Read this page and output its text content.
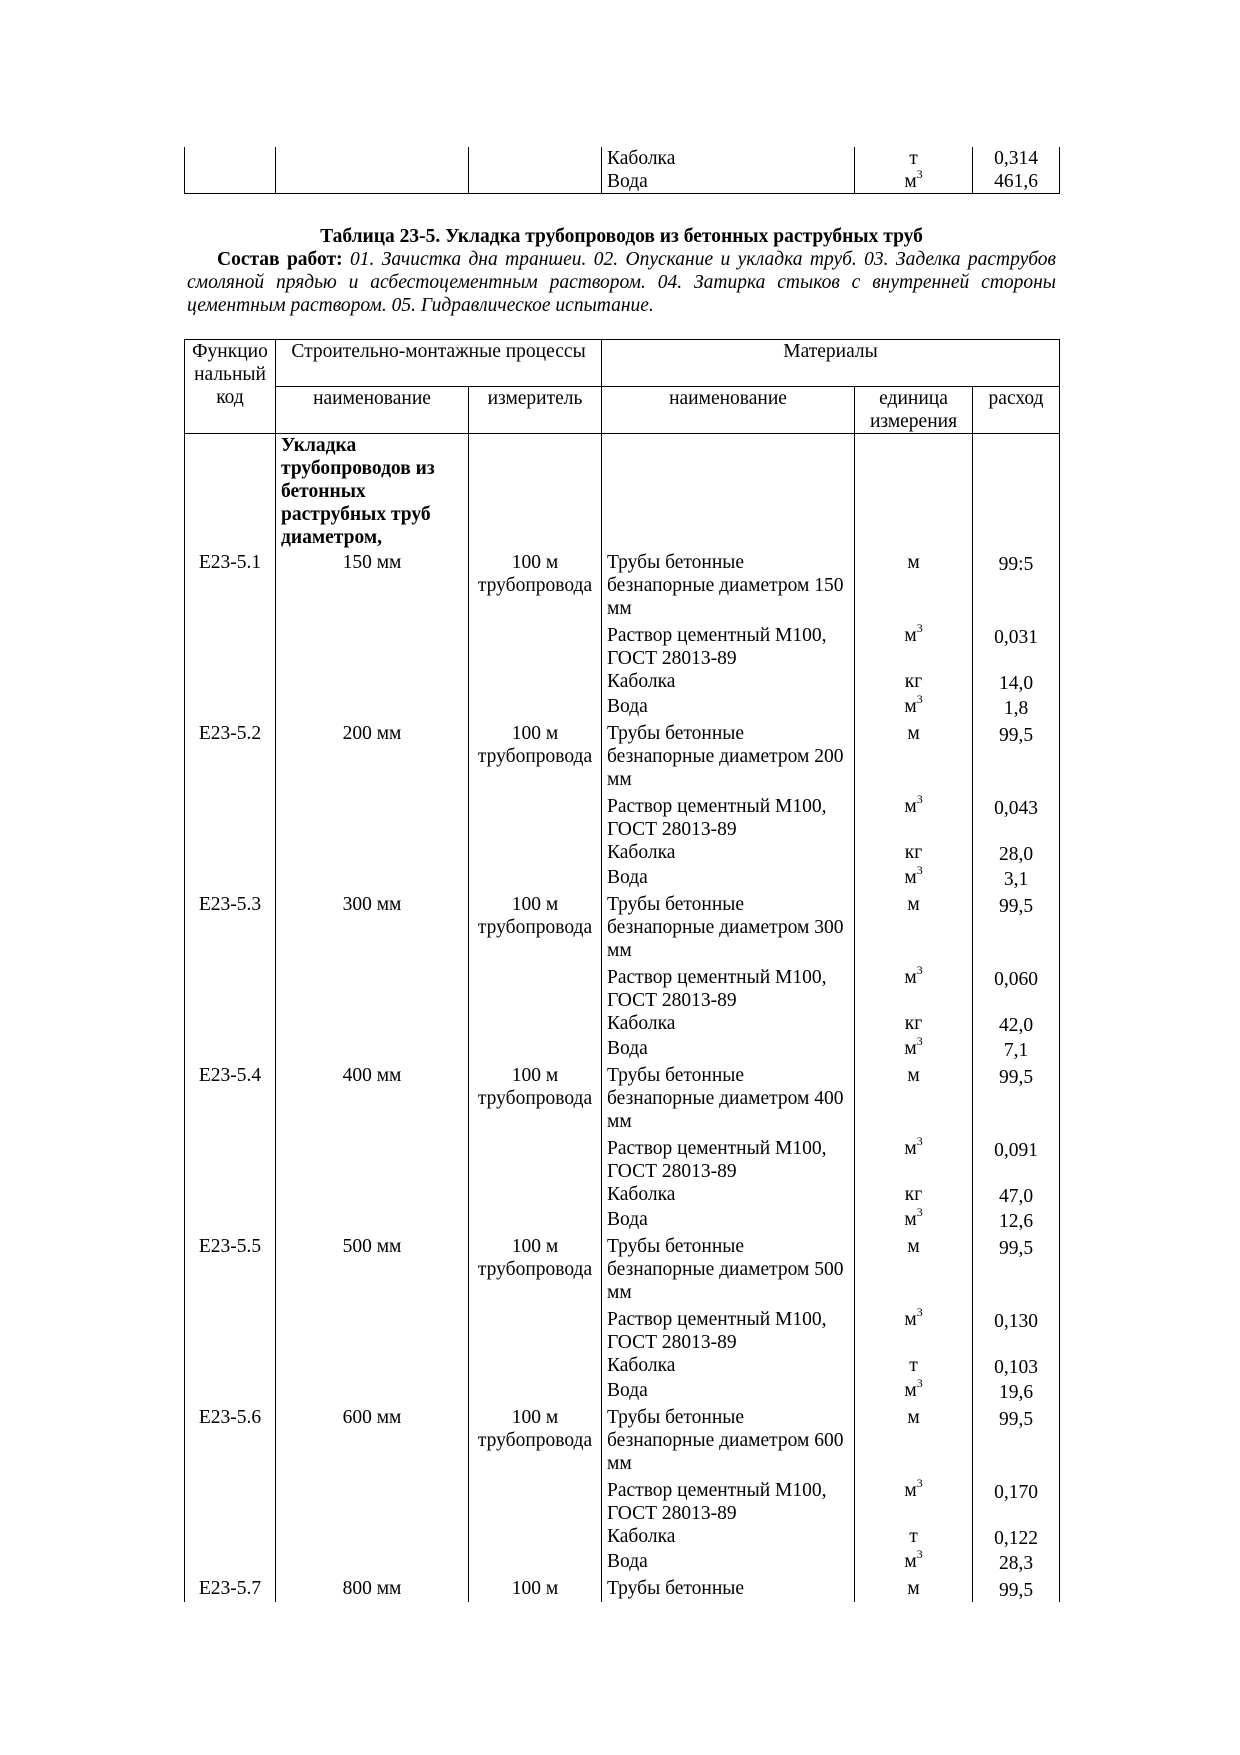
			Каболка	т	0,314
			Вода	$м^3$	461,6
Таблица 23-5. Укладка трубопроводов из бетонных раструбных труб
Состав работ: 01. Зачистка дна траншеи. 02. Опускание и укладка труб. 03. Заделка раструбов смоляной прядью и асбестоцементным раствором. 04. Затирка стыков с внутренней стороны цементным раствором. 05. Гидравлическое испытание.
Функцио нальный код	Строительно-монтажные процессы		Материалы		
	наименование	измеритель	наименование	единица измерения	расход
	Укладка трубопроводов из бетонных раструбных труб диаметром,				
Е23-5.1	150 мм	100 м трубопровода	Трубы бетонные безнапорные диаметром 150 мм	м	99:5
			Раствор цементный М100, ГОСТ 28013-89	$м^3$	0,031
			Каболка	кг	14,0
			Вода	$м^3$	1,8
Е23-5.2	200 мм	100 м трубопровода	Трубы бетонные безнапорные диаметром 200 мм	м	99,5
			Раствор цементный М100, ГОСТ 28013-89	$м^3$	0,043
			Каболка	кг	28,0
			Вода	$м^3$	3,1
Е23-5.3	300 мм	100 м трубопровода	Трубы бетонные безнапорные диаметром 300 мм	м	99,5
			Раствор цементный М100, ГОСТ 28013-89	$м^3$	0,060
			Каболка	кг	42,0
			Вода	$м^3$	7,1
Е23-5.4	400 мм	100 м трубопровода	Трубы бетонные безнапорные диаметром 400 мм	м	99,5
			Раствор цементный М100, ГОСТ 28013-89	$м^3$	0,091
			Каболка	кг	47,0
			Вода	$м^3$	12,6
Е23-5.5	500 мм	100 м трубопровода	Трубы бетонные безнапорные диаметром 500 мм	м	99,5
			Раствор цементный М100, ГОСТ 28013-89	$м^3$	0,130
			Каболка	т	0,103
			Вода	$м^3$	19,6
Е23-5.6	600 мм	100 м трубопровода	Трубы бетонные безнапорные диаметром 600 мм	м	99,5
			Раствор цементный М100, ГОСТ 28013-89	$м^3$	0,170
			Каболка	т	0,122
			Вода	$м^3$	28,3
Е23-5.7	800 мм	100 м	Трубы бетонные	м	99,5
